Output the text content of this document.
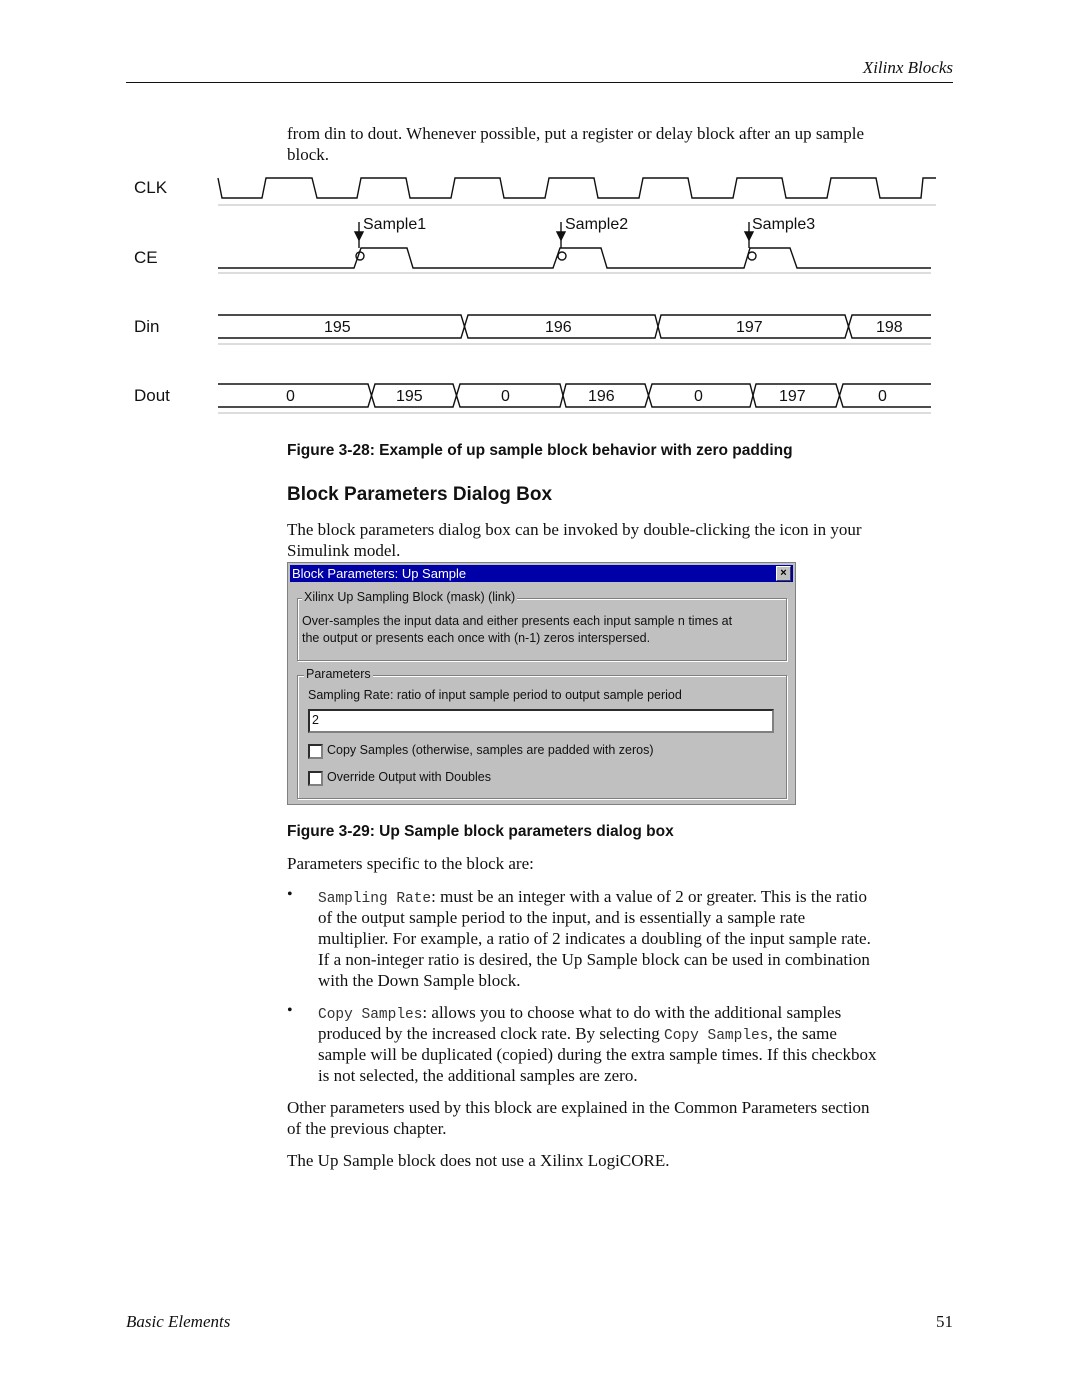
Xilinx Blocks
from din to dout. Whenever possible, put a register or delay block after an up sample
block.
CLK
CE
Din
Dout
Sample1	Sample2	Sample3
195	196	197	198
0	195	0	196	0	197	0
Figure 3-28: Example of up sample block behavior with zero padding
Block Parameters Dialog Box
The block parameters dialog box can be invoked by double-clicking the icon in your
Simulink model.
Block Parameters: Up Sample	×
Xilinx Up Sampling Block (mask) (link)
Over-samples the input data and either presents each input sample n times at
the output or presents each once with (n-1) zeros interspersed.
Parameters
Sampling Rate: ratio of input sample period to output sample period
2
Copy Samples (otherwise, samples are padded with zeros)
Override Output with Doubles
Figure 3-29: Up Sample block parameters dialog box
Parameters specific to the block are:
• Sampling Rate: must be an integer with a value of 2 or greater. This is the ratio
of the output sample period to the input, and is essentially a sample rate
multiplier. For example, a ratio of 2 indicates a doubling of the input sample rate.
If a non-integer ratio is desired, the Up Sample block can be used in combination
with the Down Sample block.
• Copy Samples: allows you to choose what to do with the additional samples
produced by the increased clock rate. By selecting Copy Samples, the same
sample will be duplicated (copied) during the extra sample times. If this checkbox
is not selected, the additional samples are zero.
Other parameters used by this block are explained in the Common Parameters section
of the previous chapter.
The Up Sample block does not use a Xilinx LogiCORE.
Basic Elements	51
